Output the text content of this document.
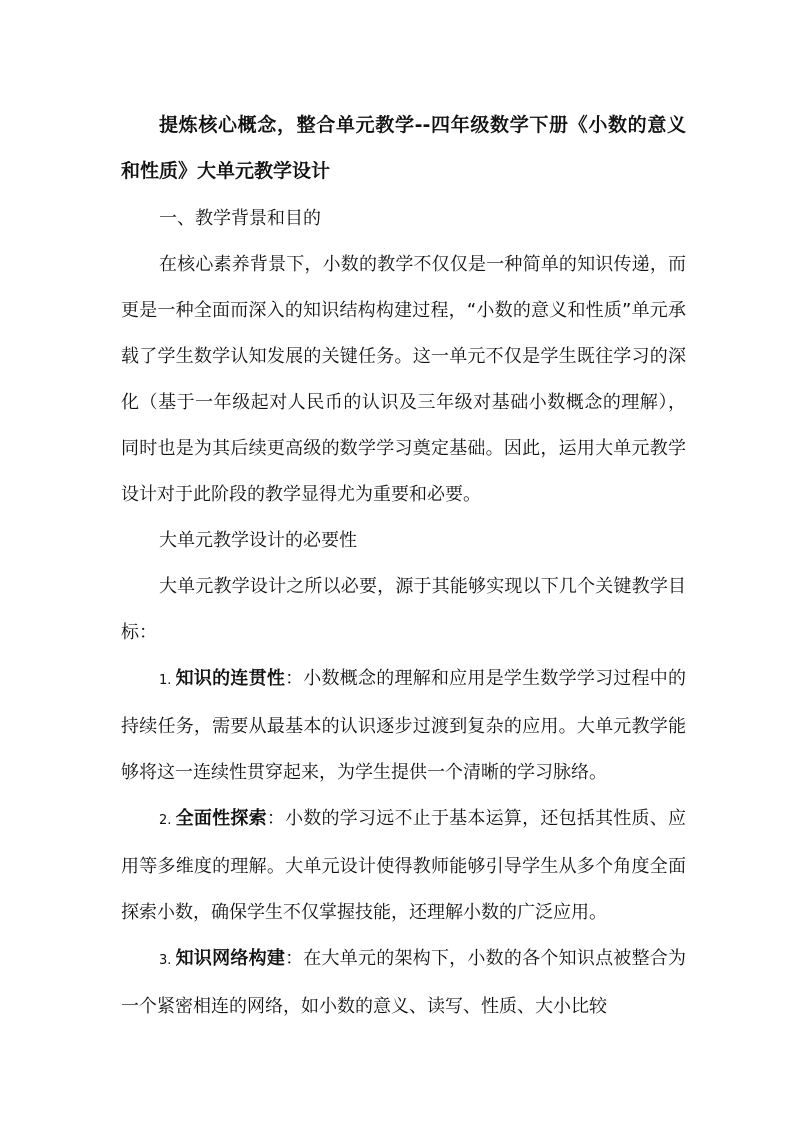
提炼核心概念，整合单元教学--四年级数学下册《小数的意义和性质》大单元教学设计

一、教学背景和目的

在核心素养背景下，小数的教学不仅仅是一种简单的知识传递，而更是一种全面而深入的知识结构构建过程，“小数的意义和性质”单元承载了学生数学认知发展的关键任务。这一单元不仅是学生既往学习的深化（基于一年级起对人民币的认识及三年级对基础小数概念的理解），同时也是为其后续更高级的数学学习奠定基础。因此，运用大单元教学设计对于此阶段的教学显得尤为重要和必要。

大单元教学设计的必要性

大单元教学设计之所以必要，源于其能够实现以下几个关键教学目标：

1. 知识的连贯性：小数概念的理解和应用是学生数学学习过程中的持续任务，需要从最基本的认识逐步过渡到复杂的应用。大单元教学能够将这一连续性贯穿起来，为学生提供一个清晰的学习脉络。

2. 全面性探索：小数的学习远不止于基本运算，还包括其性质、应用等多维度的理解。大单元设计使得教师能够引导学生从多个角度全面探索小数，确保学生不仅掌握技能，还理解小数的广泛应用。

3. 知识网络构建：在大单元的架构下，小数的各个知识点被整合为一个紧密相连的网络，如小数的意义、读写、性质、大小比较
